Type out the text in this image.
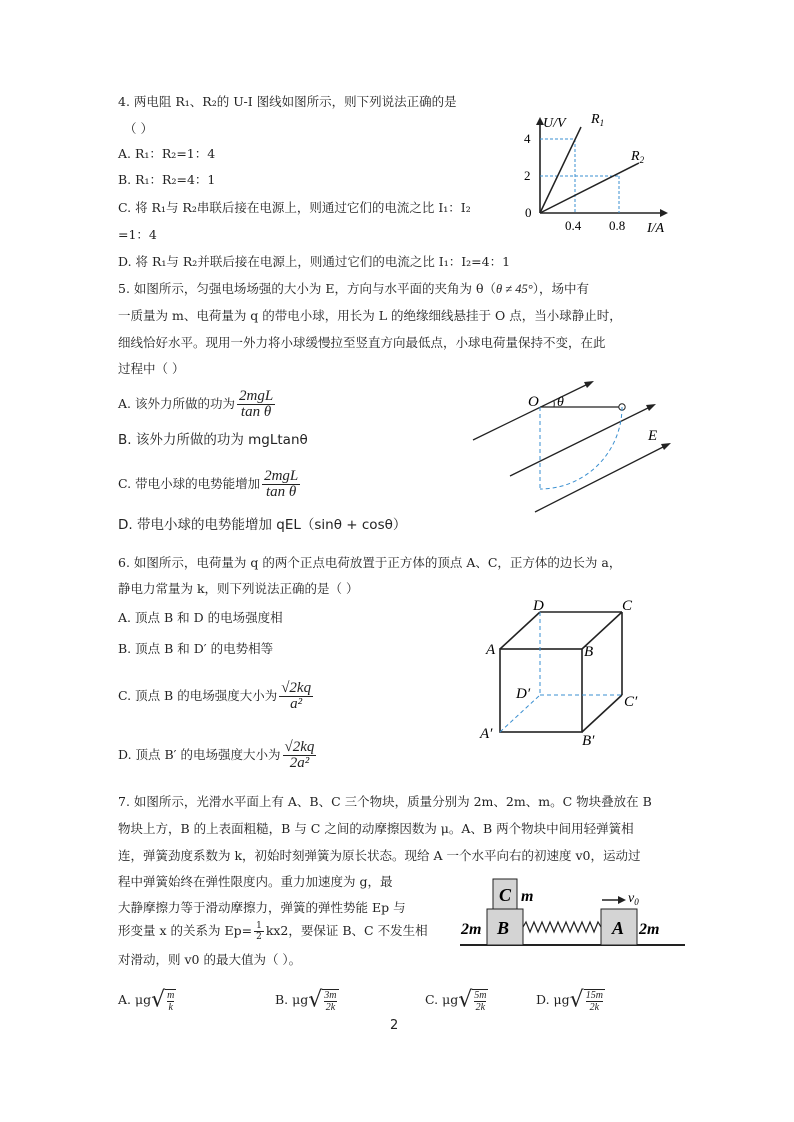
4. 两电阻 R₁、R₂的 U-I 图线如图所示，则下列说法正确的是
（ ）
A. R₁：R₂=1：4
B. R₁：R₂=4：1
C. 将 R₁与 R₂串联后接在电源上，则通过它们的电流之比 I₁：I₂
=1：4
D. 将 R₁与 R₂并联后接在电源上，则通过它们的电流之比 I₁：I₂=4：1
U/V
I/A
$R_1$
$R_2$
4
2
0
0.4 0.8
5. 如图所示，匀强电场场强的大小为 E，方向与水平面的夹角为 θ（θ ≠ 45°），场中有
一质量为 m、电荷量为 q 的带电小球，用长为 L 的绝缘细线悬挂于 O 点，当小球静止时，
细线恰好水平。现用一外力将小球缓慢拉至竖直方向最低点，小球电荷量保持不变，在此
过程中（ ）
A. 该外力所做的功为 $\frac{\text{2mgL}}{\text{tan θ}}$
B. 该外力所做的功为 mgLtanθ
C. 带电小球的电势能增加 $\frac{\text{2mgL}}{\text{tan θ}}$
D. 带电小球的电势能增加 qEL（sinθ + cosθ）
O θ
E
6. 如图所示，电荷量为 q 的两个正点电荷放置于正方体的顶点 A、C，正方体的边长为 a，
静电力常量为 k，则下列说法正确的是（ ）
A. 顶点 B 和 D 的电场强度相
B. 顶点 B 和 D′ 的电势相等
C. 顶点 B 的电场强度大小为 $\frac{√2kq}{\text{a²}}$
D. 顶点 B′ 的电场强度大小为 $\frac{√2kq}{\text{2a²}}$
D	C
A	B
D′	C′
A′	B′
7. 如图所示，光滑水平面上有 A、B、C 三个物块，质量分别为 2m、2m、m。C 物块叠放在 B
物块上方，B 的上表面粗糙，B 与 C 之间的动摩擦因数为 μ。A、B 两个物块中间用轻弹簧相
连，弹簧劲度系数为 k，初始时刻弹簧为原长状态。现给 A 一个水平向右的初速度 v0，运动过
程中弹簧始终在弹性限度内。重力加速度为 g，最
大静摩擦力等于滑动摩擦力，弹簧的弹性势能 Ep 与
形变量 x 的关系为 $Ep= \frac{1}{2} kx2$，要保证 B、C 不发生相
对滑动，则 v0 的最大值为（ ）。
A. $\mu g√ \frac{m}{k}$	B. $\mu g√ \frac{3m}{2k}$	C. $\mu g√ \frac{5m}{2k}$	D. $\mu g√ \frac{15m}{2k}$
C m
B	A
2m	2m
$v_0$
2
